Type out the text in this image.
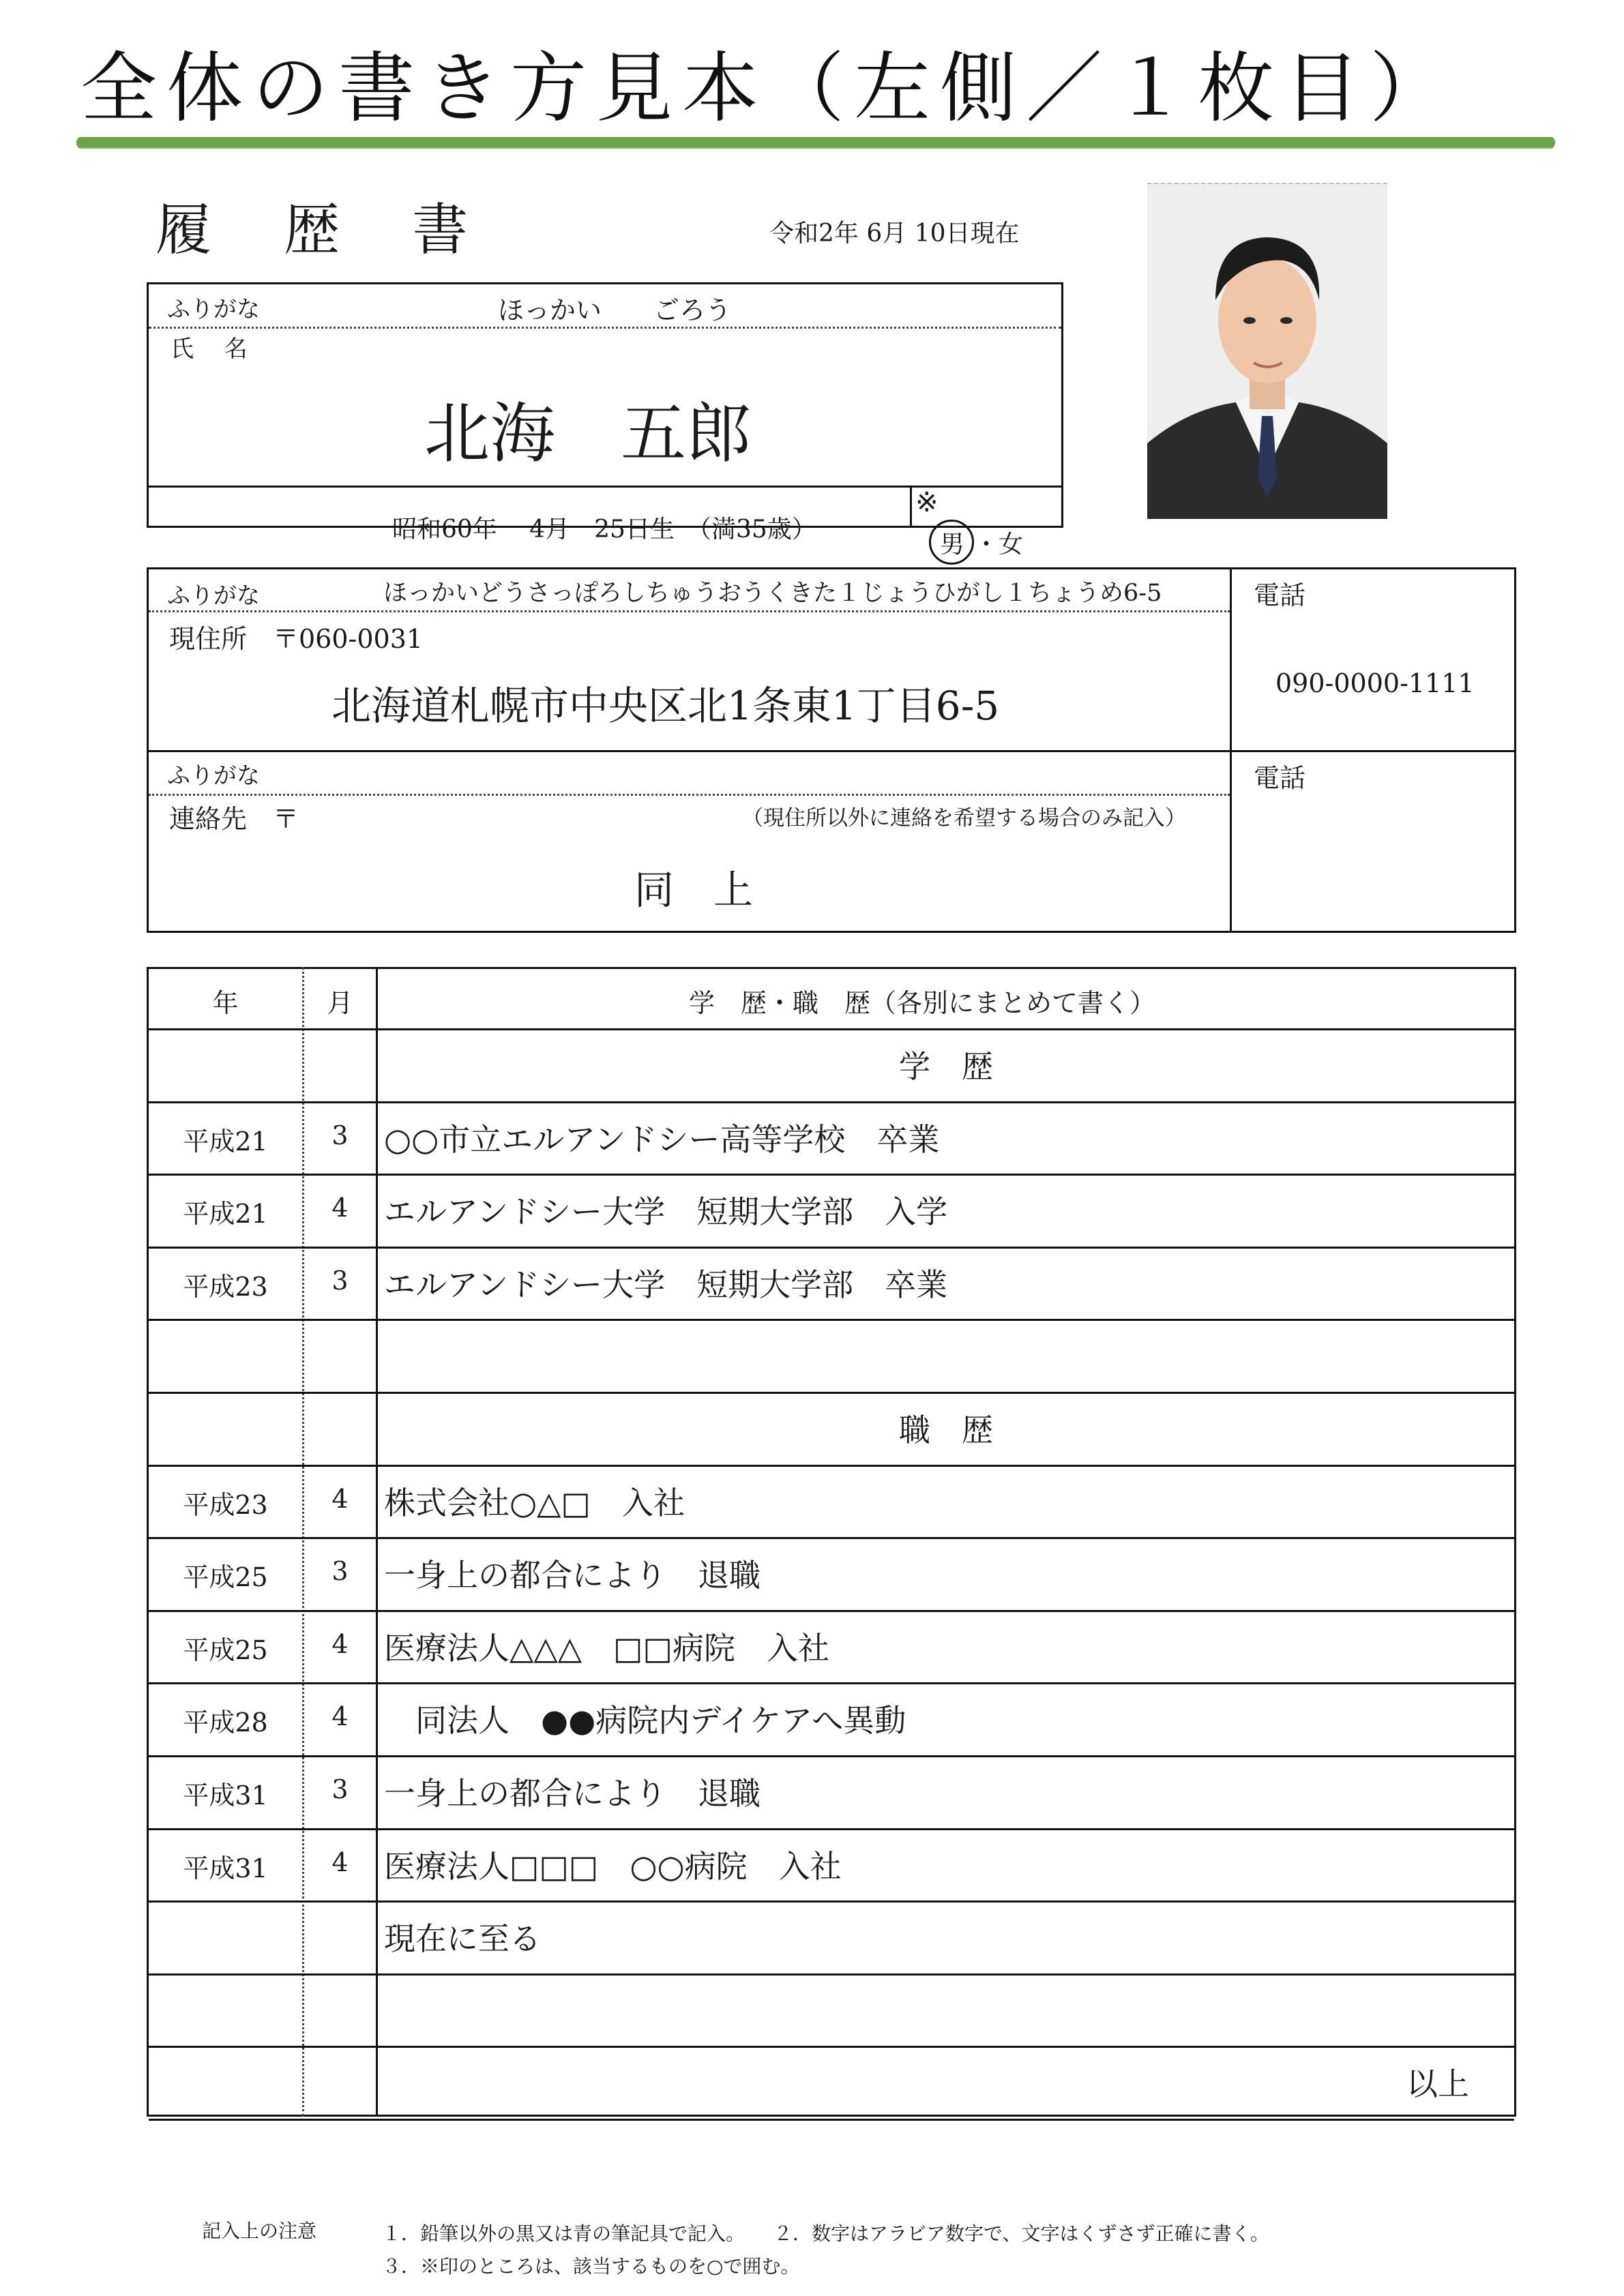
全体の書き方見本（左側／１枚目）
履 歴 書	令和2年 6月 10日現在
ふりがな	ほっかい　　ごろう
氏　 名
北海　五郎
昭和60年　 4月　25日生　（満35歳）
※
男 ・女
ふりがな	ほっかいどうさっぽろしちゅうおうくきた１じょうひがし１ちょうめ6-5
現住所　〒060-0031
北海道札幌市中央区北1条東1丁目6-5
電話
090-0000-1111
ふりがな
連絡先　〒	（現住所以外に連絡を希望する場合のみ記入）
同　上
電話
年	月	学　歴・職　歴（各別にまとめて書く）
学　歴
平成21	3	○○市立エルアンドシー高等学校　卒業
平成21	4	エルアンドシー大学　短期大学部　入学
平成23	3	エルアンドシー大学　短期大学部　卒業
職　歴
平成23	4	株式会社○△□　入社
平成25	3	一身上の都合により　退職
平成25	4	医療法人△△△　□□病院　入社
平成28	4	　同法人　●●病院内デイケアへ異動
平成31	3	一身上の都合により　退職
平成31	4	医療法人□□□　○○病院　入社
現在に至る
以上
記入上の注意	１．鉛筆以外の黒又は青の筆記具で記入。　　２．数字はアラビア数字で、文字はくずさず正確に書く。
３．※印のところは、該当するものを○で囲む。
